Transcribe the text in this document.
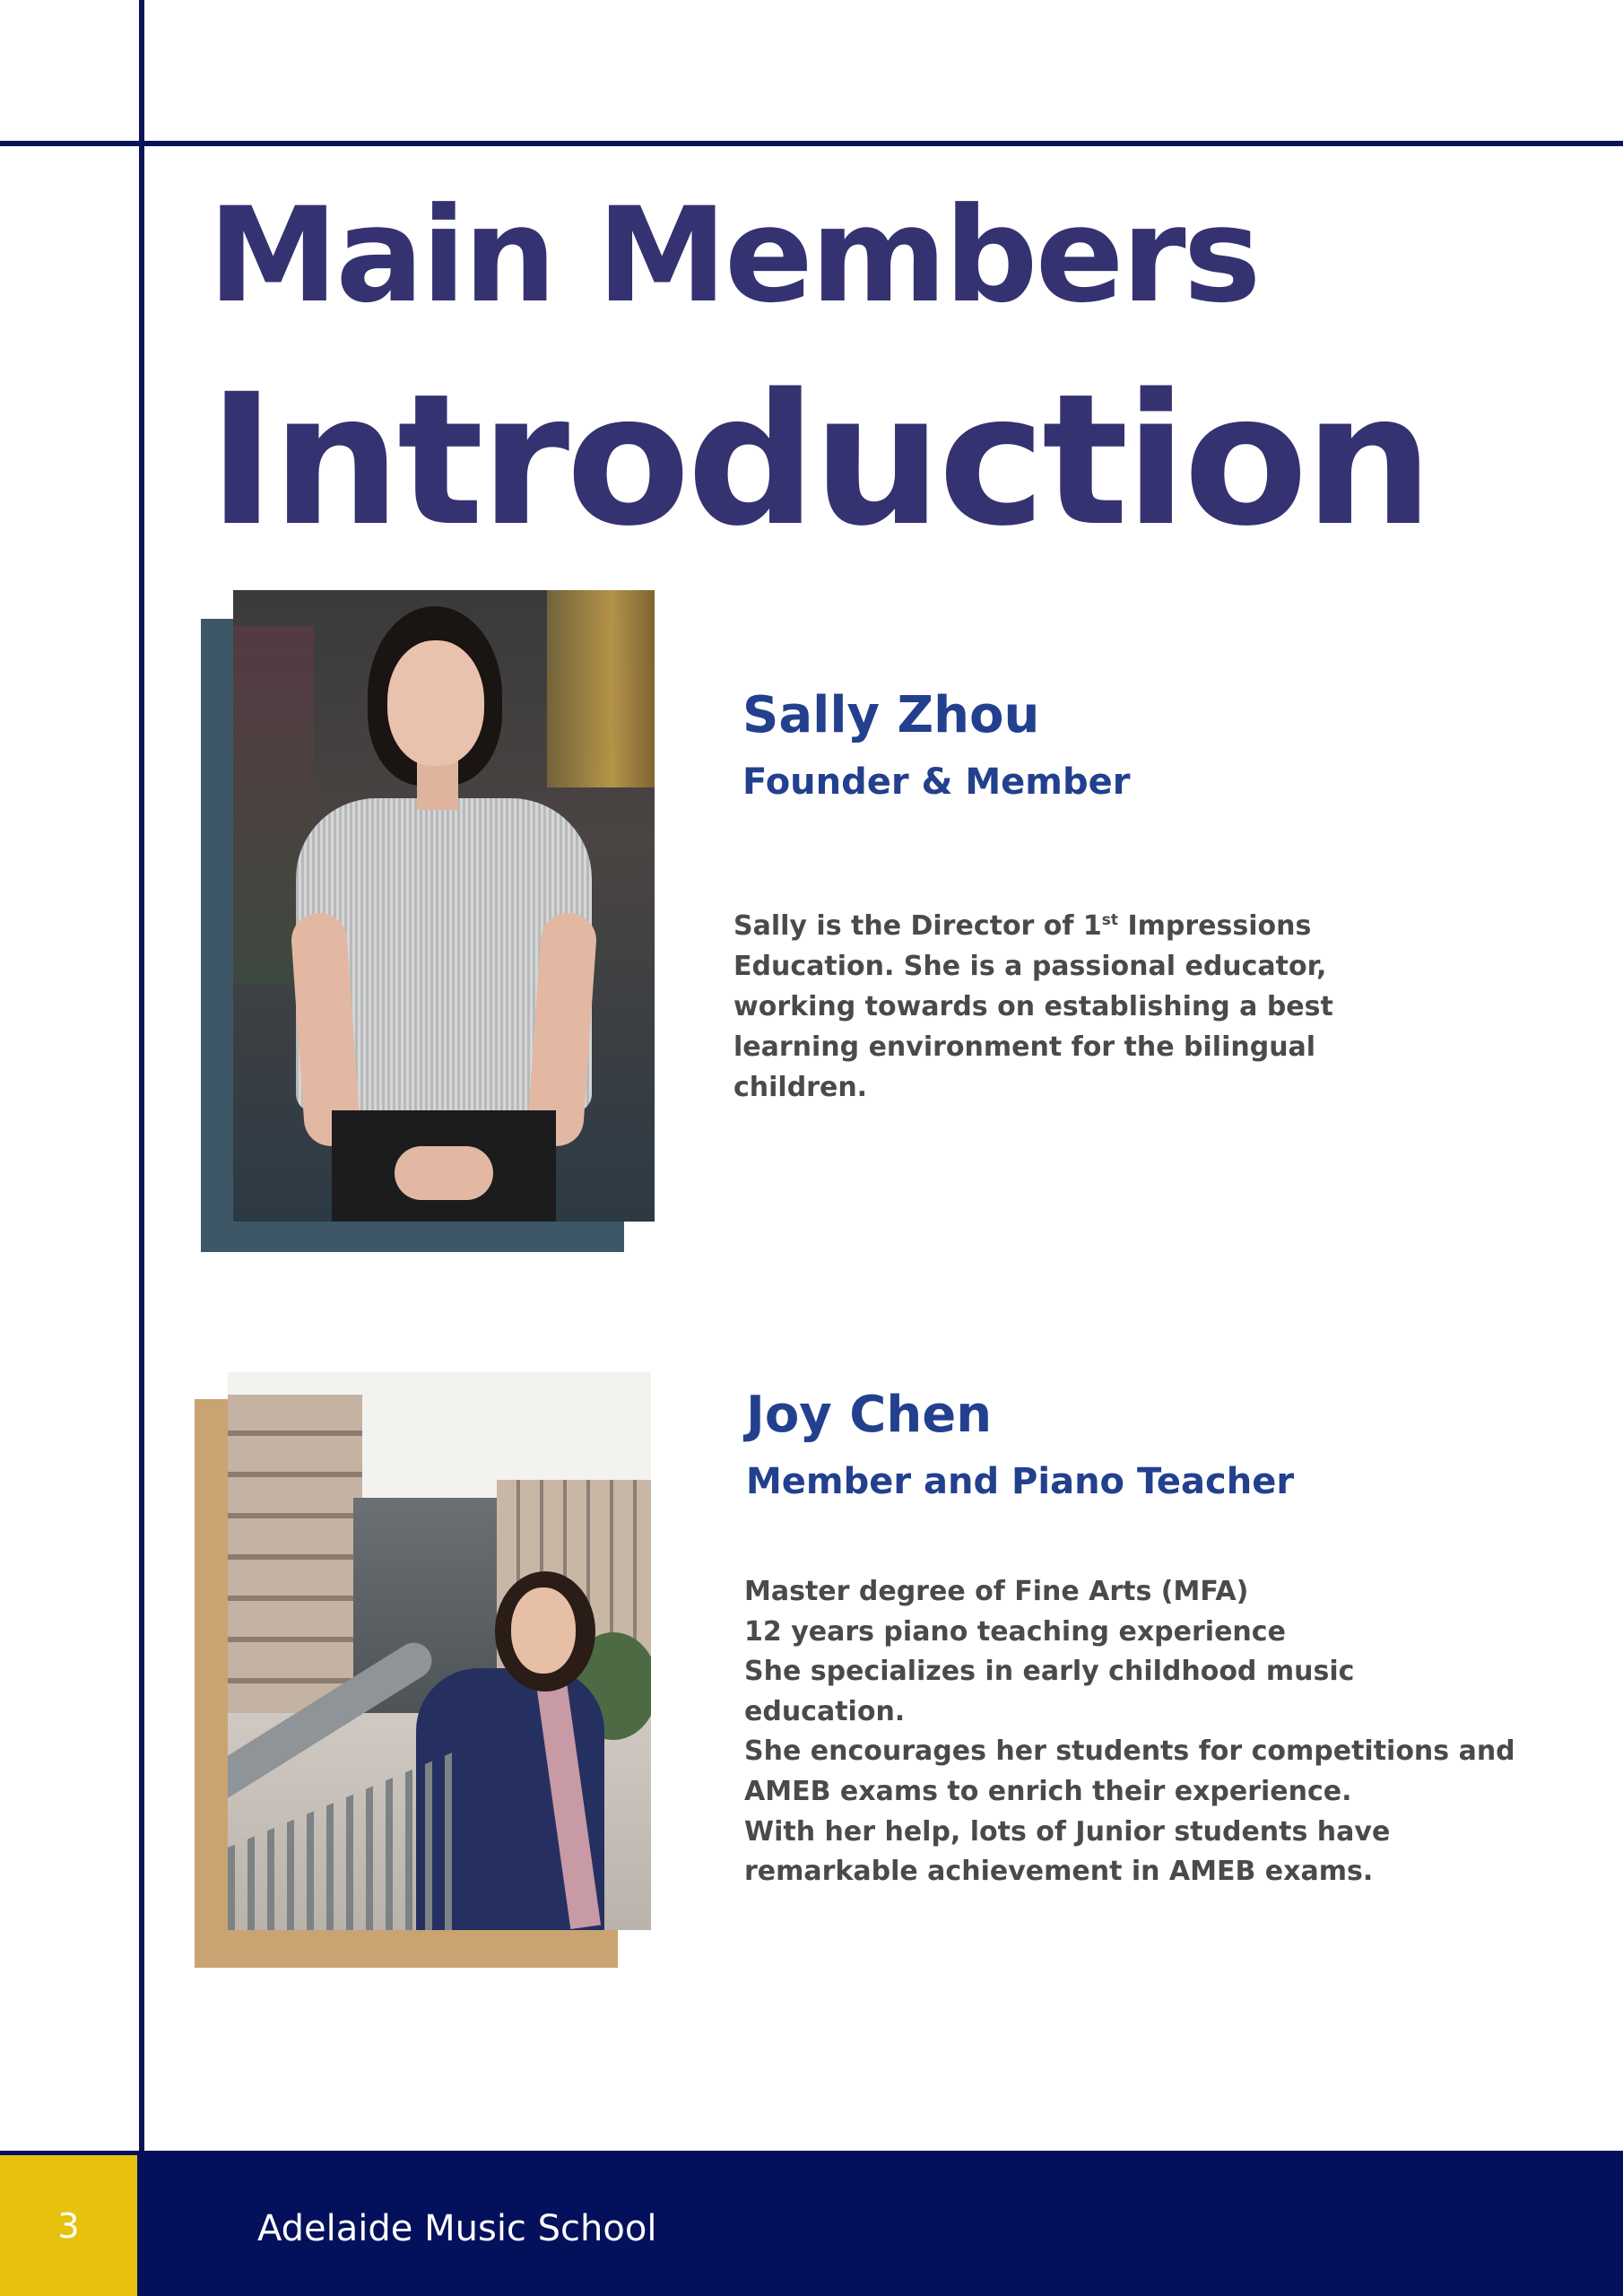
Main Members
Introduction
Sally Zhou
Founder & Member

Sally is the Director of 1st Impressions Education. She is a passional educator, working towards on establishing a best learning environment for the bilingual children.

Joy Chen
Member and Piano Teacher
Master degree of Fine Arts (MFA)
12 years piano teaching experience
She specializes in early childhood music education.
She encourages her students for competitions and
AMEB exams to enrich their experience.
With her help, lots of Junior students have
remarkable achievement in AMEB exams.
3	Adelaide Music School
